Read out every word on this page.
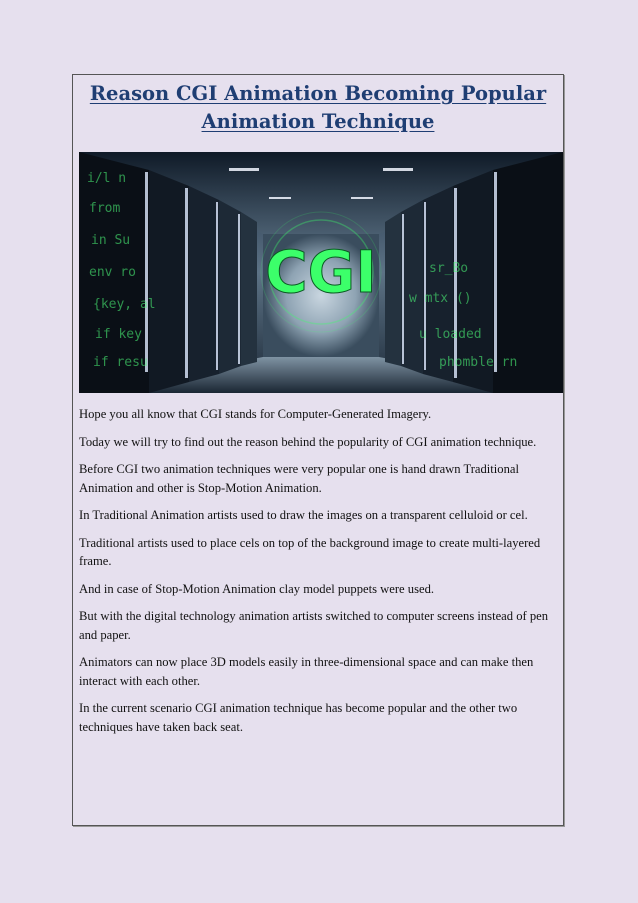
Reason CGI Animation Becoming Popular
Animation Technique
i/l n
from
in Su
env ro
{key, al
if key
if resu
sr_Bo
w mtx ()
u loaded
phomble rn
CGI

Hope you all know that CGI stands for Computer-Generated Imagery.

Today we will try to find out the reason behind the popularity of CGI animation technique.

Before CGI two animation techniques were very popular one is hand drawn Traditional Animation and other is Stop-Motion Animation.

In Traditional Animation artists used to draw the images on a transparent celluloid or cel.

Traditional artists used to place cels on top of the background image to create multi-layered frame.

And in case of Stop-Motion Animation clay model puppets were used.

But with the digital technology animation artists switched to computer screens instead of pen and paper.

Animators can now place 3D models easily in three-dimensional space and can make then interact with each other.

In the current scenario CGI animation technique has become popular and the other two techniques have taken back seat.
